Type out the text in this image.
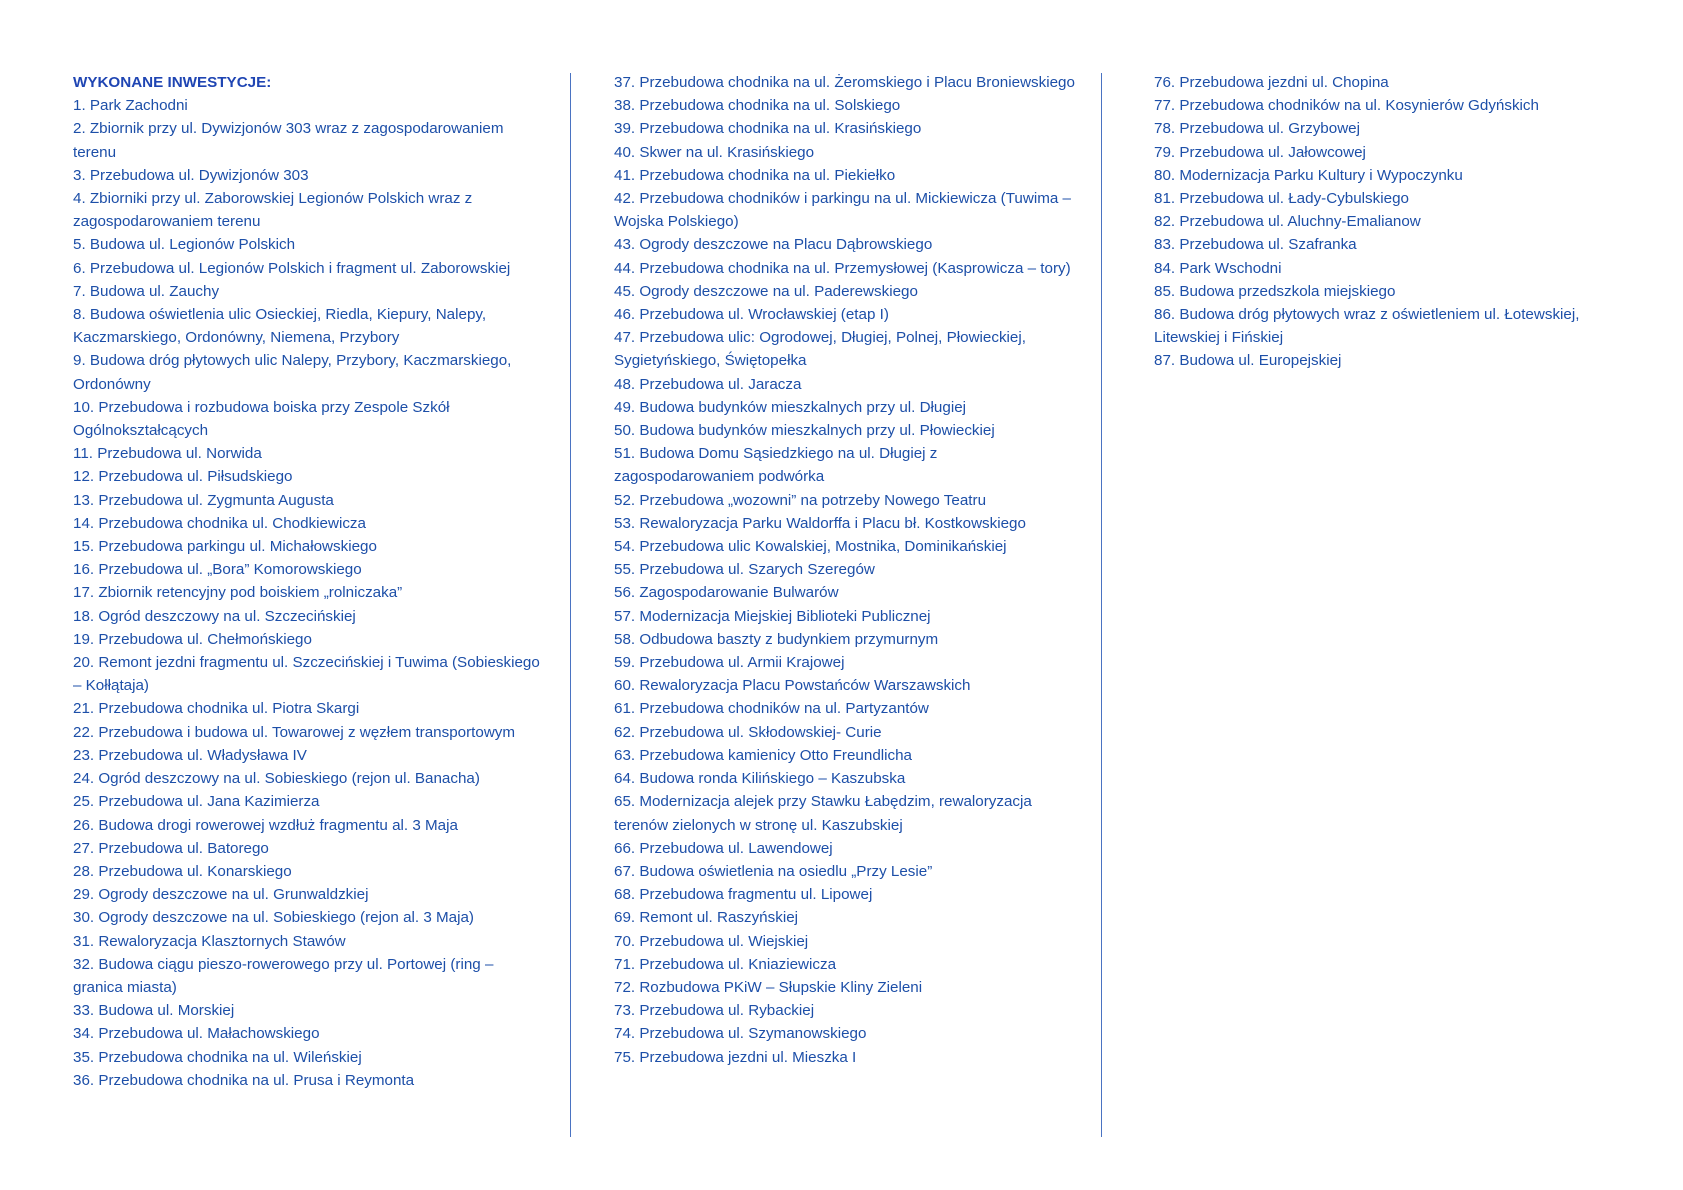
WYKONANE INWESTYCJE:

1. Park Zachodni

2. Zbiornik przy ul. Dywizjonów 303 wraz z zagospodarowaniem terenu

3. Przebudowa ul. Dywizjonów 303

4. Zbiorniki przy ul. Zaborowskiej Legionów Polskich wraz z zagospodarowaniem terenu

5. Budowa ul. Legionów Polskich

6. Przebudowa ul. Legionów Polskich i fragment ul. Zaborowskiej

7. Budowa ul. Zauchy

8. Budowa oświetlenia ulic Osieckiej, Riedla, Kiepury, Nalepy, Kaczmarskiego, Ordonówny, Niemena, Przybory

9. Budowa dróg płytowych ulic Nalepy, Przybory, Kaczmarskiego, Ordonówny

10. Przebudowa i rozbudowa boiska przy Zespole Szkół Ogólnokształcących

11. Przebudowa ul. Norwida

12. Przebudowa ul. Piłsudskiego

13. Przebudowa ul. Zygmunta Augusta

14. Przebudowa chodnika ul. Chodkiewicza

15. Przebudowa parkingu ul. Michałowskiego

16. Przebudowa ul. „Bora” Komorowskiego

17. Zbiornik retencyjny pod boiskiem „rolniczaka”

18. Ogród deszczowy na ul. Szczecińskiej

19. Przebudowa ul. Chełmońskiego

20. Remont jezdni fragmentu ul. Szczecińskiej i Tuwima (Sobieskiego – Kołłątaja)

21. Przebudowa chodnika ul. Piotra Skargi

22. Przebudowa i budowa ul. Towarowej z węzłem transportowym

23. Przebudowa ul. Władysława IV

24. Ogród deszczowy na ul. Sobieskiego (rejon ul. Banacha)

25. Przebudowa ul. Jana Kazimierza

26. Budowa drogi rowerowej wzdłuż fragmentu al. 3 Maja

27. Przebudowa ul. Batorego

28. Przebudowa ul. Konarskiego

29. Ogrody deszczowe na ul. Grunwaldzkiej

30. Ogrody deszczowe na ul. Sobieskiego (rejon al. 3 Maja)

31. Rewaloryzacja Klasztornych Stawów

32. Budowa ciągu pieszo-rowerowego przy ul. Portowej (ring – granica miasta)

33. Budowa ul. Morskiej

34. Przebudowa ul. Małachowskiego

35. Przebudowa chodnika na ul. Wileńskiej

36. Przebudowa chodnika na ul. Prusa i Reymonta

37. Przebudowa chodnika na ul. Żeromskiego i Placu Broniewskiego

38. Przebudowa chodnika na ul. Solskiego

39. Przebudowa chodnika na ul. Krasińskiego

40. Skwer na ul. Krasińskiego

41. Przebudowa chodnika na ul. Piekiełko

42. Przebudowa chodników i parkingu na ul. Mickiewicza (Tuwima – Wojska Polskiego)

43. Ogrody deszczowe na Placu Dąbrowskiego

44. Przebudowa chodnika na ul. Przemysłowej (Kasprowicza – tory)

45. Ogrody deszczowe na ul. Paderewskiego

46. Przebudowa ul. Wrocławskiej (etap I)

47. Przebudowa ulic: Ogrodowej, Długiej, Polnej, Płowieckiej, Sygietyńskiego, Świętopełka

48. Przebudowa ul. Jaracza

49. Budowa budynków mieszkalnych przy ul. Długiej

50. Budowa budynków mieszkalnych przy ul. Płowieckiej

51. Budowa Domu Sąsiedzkiego na ul. Długiej z zagospodarowaniem podwórka

52. Przebudowa „wozowni” na potrzeby Nowego Teatru

53. Rewaloryzacja Parku Waldorffa i Placu bł. Kostkowskiego

54. Przebudowa ulic Kowalskiej, Mostnika, Dominikańskiej

55. Przebudowa ul. Szarych Szeregów

56. Zagospodarowanie Bulwarów

57. Modernizacja Miejskiej Biblioteki Publicznej

58. Odbudowa baszty z budynkiem przymurnym

59. Przebudowa ul. Armii Krajowej

60. Rewaloryzacja Placu Powstańców Warszawskich

61. Przebudowa chodników na ul. Partyzantów

62. Przebudowa ul. Skłodowskiej- Curie

63. Przebudowa kamienicy Otto Freundlicha

64. Budowa ronda Kilińskiego – Kaszubska

65. Modernizacja alejek przy Stawku Łabędzim, rewaloryzacja terenów zielonych w stronę ul. Kaszubskiej

66. Przebudowa ul. Lawendowej

67. Budowa oświetlenia na osiedlu „Przy Lesie”

68. Przebudowa fragmentu ul. Lipowej

69. Remont ul. Raszyńskiej

70. Przebudowa ul. Wiejskiej

71. Przebudowa ul. Kniaziewicza

72. Rozbudowa PKiW – Słupskie Kliny Zieleni

73. Przebudowa ul. Rybackiej

74. Przebudowa ul. Szymanowskiego

75. Przebudowa jezdni ul. Mieszka I

76. Przebudowa jezdni ul. Chopina

77. Przebudowa chodników na ul. Kosynierów Gdyńskich

78. Przebudowa ul. Grzybowej

79. Przebudowa ul. Jałowcowej

80. Modernizacja Parku Kultury i Wypoczynku

81. Przebudowa ul. Łady-Cybulskiego

82. Przebudowa ul. Aluchny-Emalianow

83. Przebudowa ul. Szafranka

84. Park Wschodni

85. Budowa przedszkola miejskiego

86. Budowa dróg płytowych wraz z oświetleniem ul. Łotewskiej, Litewskiej i Fińskiej

87. Budowa ul. Europejskiej
